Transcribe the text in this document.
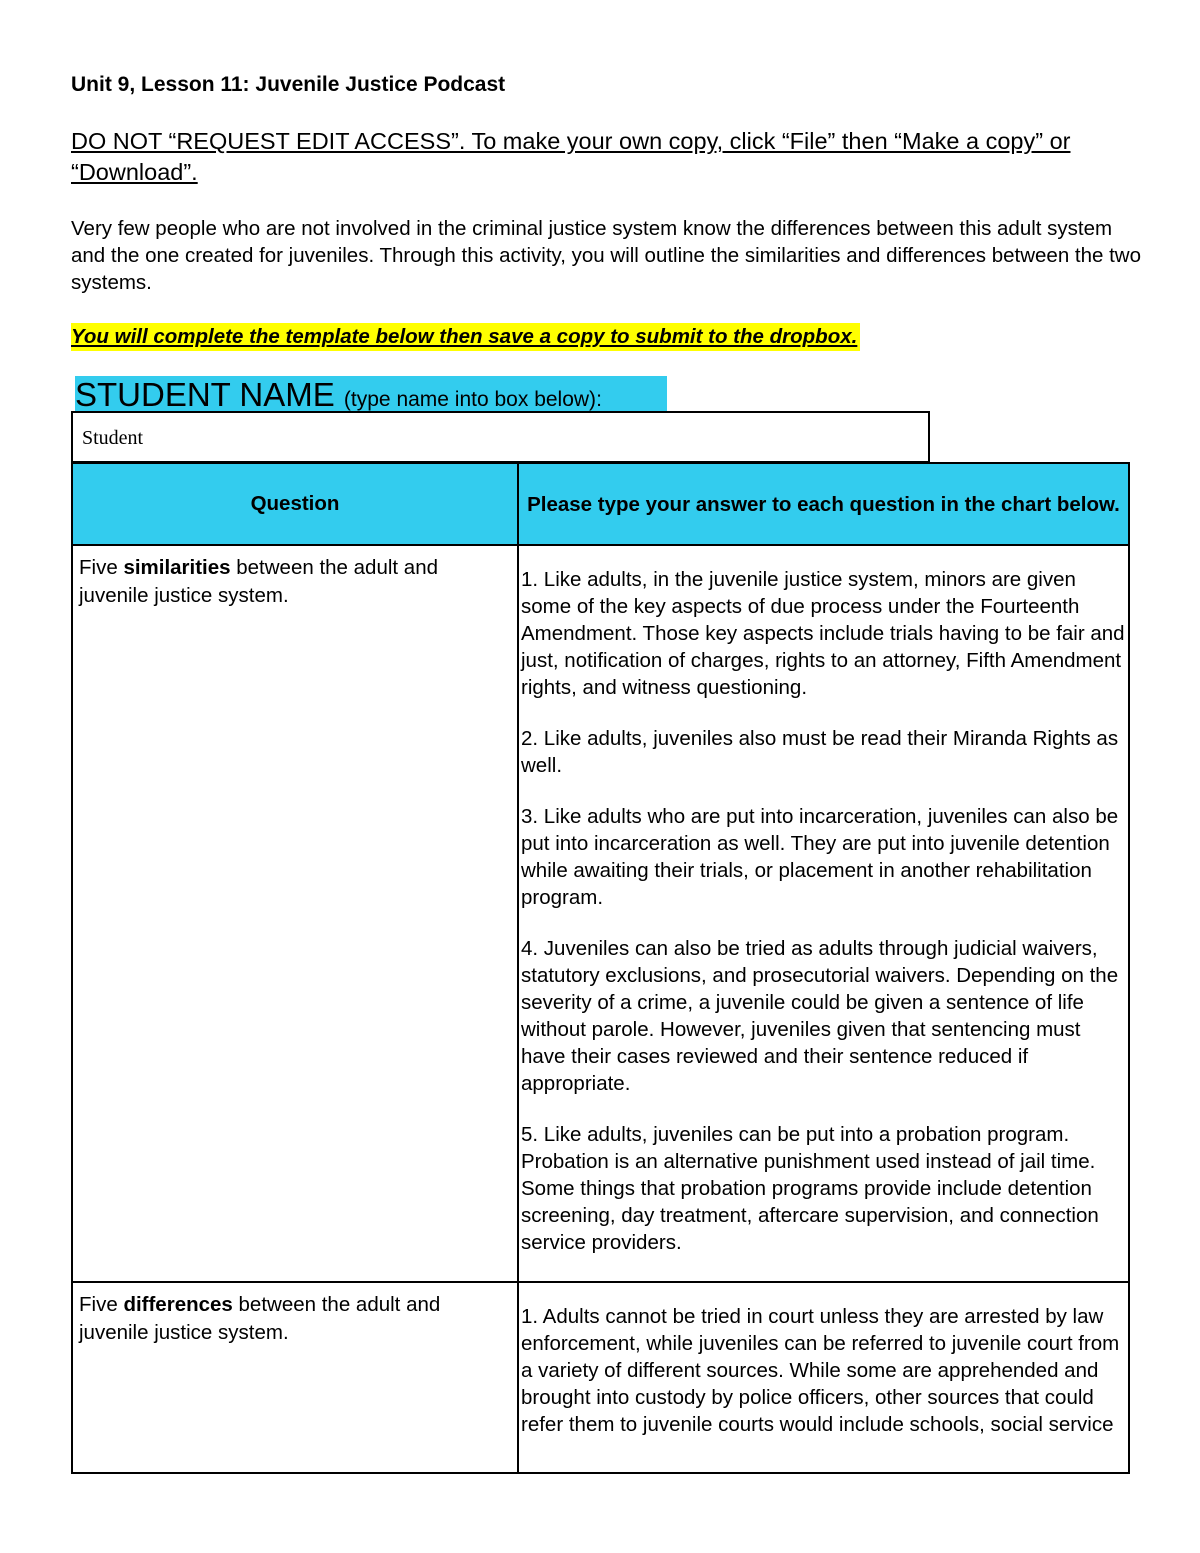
Unit 9, Lesson 11: Juvenile Justice Podcast
DO NOT “REQUEST EDIT ACCESS”. To make your own copy, click “File” then “Make a copy” or “Download”.
Very few people who are not involved in the criminal justice system know the differences between this adult system and the one created for juveniles. Through this activity, you will outline the similarities and differences between the two systems.
You will complete the template below then save a copy to submit to the dropbox.
STUDENT NAME (type name into box below):
Student
Question	Please type your answer to each question in the chart below.
Five similarities between the adult and juvenile justice system.	1. Like adults, in the juvenile justice system, minors are given some of the key aspects of due process under the Fourteenth Amendment. Those key aspects include trials having to be fair and just, notification of charges, rights to an attorney, Fifth Amendment rights, and witness questioning.

2. Like adults, juveniles also must be read their Miranda Rights as well.

3. Like adults who are put into incarceration, juveniles can also be put into incarceration as well. They are put into juvenile detention while awaiting their trials, or placement in another rehabilitation program.

4. Juveniles can also be tried as adults through judicial waivers, statutory exclusions, and prosecutorial waivers. Depending on the severity of a crime, a juvenile could be given a sentence of life without parole. However, juveniles given that sentencing must have their cases reviewed and their sentence reduced if appropriate.

5. Like adults, juveniles can be put into a probation program. Probation is an alternative punishment used instead of jail time. Some things that probation programs provide include detention screening, day treatment, aftercare supervision, and connection service providers.

Five differences between the adult and juvenile justice system.	1. Adults cannot be tried in court unless they are arrested by law enforcement, while juveniles can be referred to juvenile court from a variety of different sources. While some are apprehended and brought into custody by police officers, other sources that could refer them to juvenile courts would include schools, social service
